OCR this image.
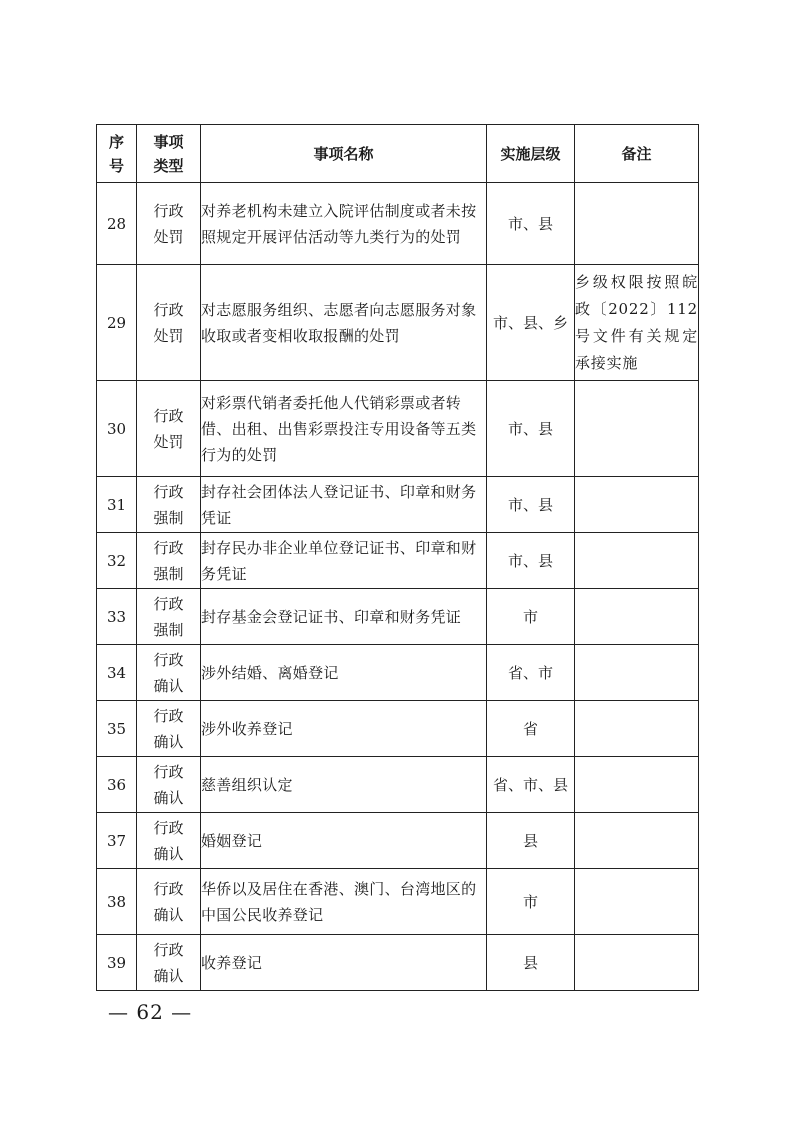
序号	事项类型	事项名称	实施层级	备注
28	行政处罚	对养老机构未建立入院评估制度或者未按照规定开展评估活动等九类行为的处罚	市、县	
29	行政处罚	对志愿服务组织、志愿者向志愿服务对象收取或者变相收取报酬的处罚	市、县、乡	乡级权限按照皖政〔2022〕112号文件有关规定承接实施
30	行政处罚	对彩票代销者委托他人代销彩票或者转借、出租、出售彩票投注专用设备等五类行为的处罚	市、县	
31	行政强制	封存社会团体法人登记证书、印章和财务凭证	市、县	
32	行政强制	封存民办非企业单位登记证书、印章和财务凭证	市、县	
33	行政强制	封存基金会登记证书、印章和财务凭证	市	
34	行政确认	涉外结婚、离婚登记	省、市	
35	行政确认	涉外收养登记	省	
36	行政确认	慈善组织认定	省、市、县	
37	行政确认	婚姻登记	县	
38	行政确认	华侨以及居住在香港、澳门、台湾地区的中国公民收养登记	市	
39	行政确认	收养登记	县	
— 62 —
